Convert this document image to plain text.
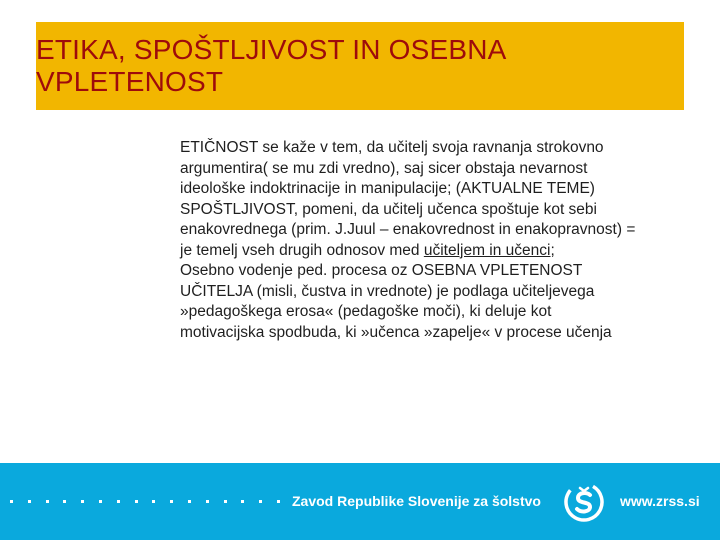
ETIKA, SPOŠTLJIVOST IN OSEBNA
VPLETENOST

ETIČNOST se kaže v tem, da učitelj svoja ravnanja strokovno argumentira( se mu zdi vredno), saj sicer obstaja nevarnost ideološke indoktrinacije in manipulacije; (AKTUALNE TEME)

SPOŠTLJIVOST, pomeni, da učitelj učenca spoštuje kot sebi enakovrednega (prim. J.Juul – enakovrednost in enakopravnost) = je temelj vseh drugih odnosov med učiteljem in učenci;

Osebno vodenje ped. procesa oz OSEBNA VPLETENOST

UČITELJA (misli, čustva in vrednote) je podlaga učiteljevega »pedagoškega erosa« (pedagoške moči), ki deluje kot motivacijska spodbuda, ki »učenca »zapelje« v procese učenja

Zavod Republike Slovenije za šolstvo	www.zrss.si
